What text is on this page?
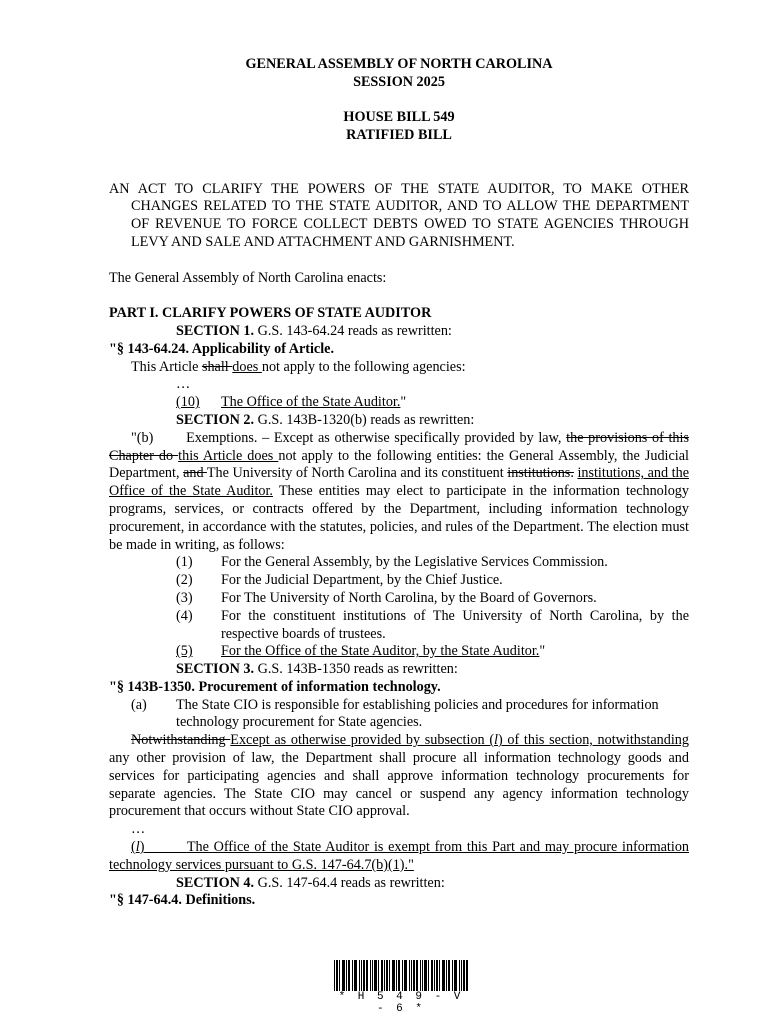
GENERAL ASSEMBLY OF NORTH CAROLINA
SESSION 2025
HOUSE BILL 549
RATIFIED BILL
AN ACT TO CLARIFY THE POWERS OF THE STATE AUDITOR, TO MAKE OTHER CHANGES RELATED TO THE STATE AUDITOR, AND TO ALLOW THE DEPARTMENT OF REVENUE TO FORCE COLLECT DEBTS OWED TO STATE AGENCIES THROUGH LEVY AND SALE AND ATTACHMENT AND GARNISHMENT.
The General Assembly of North Carolina enacts:
PART I. CLARIFY POWERS OF STATE AUDITOR
SECTION 1. G.S. 143-64.24 reads as rewritten:
"§ 143-64.24. Applicability of Article.
This Article shall does not apply to the following agencies:
…
(10)	The Office of the State Auditor."
SECTION 2. G.S. 143B-1320(b) reads as rewritten:
"(b)       Exemptions. – Except as otherwise specifically provided by law, the provisions of this Chapter do this Article does not apply to the following entities: the General Assembly, the Judicial Department, and The University of North Carolina and its constituent institutions. institutions, and the Office of the State Auditor. These entities may elect to participate in the information technology programs, services, or contracts offered by the Department, including information technology procurement, in accordance with the statutes, policies, and rules of the Department. The election must be made in writing, as follows:
(1)	For the General Assembly, by the Legislative Services Commission.
(2)	For the Judicial Department, by the Chief Justice.
(3)	For The University of North Carolina, by the Board of Governors.
(4)	For the constituent institutions of The University of North Carolina, by the respective boards of trustees.
(5)	For the Office of the State Auditor, by the State Auditor."
SECTION 3. G.S. 143B-1350 reads as rewritten:
"§ 143B-1350. Procurement of information technology.
(a)	The State CIO is responsible for establishing policies and procedures for information technology procurement for State agencies.
Notwithstanding Except as otherwise provided by subsection (l) of this section, notwithstanding any other provision of law, the Department shall procure all information technology goods and services for participating agencies and shall approve information technology procurements for separate agencies. The State CIO may cancel or suspend any agency information technology procurement that occurs without State CIO approval.
…
(l)	The Office of the State Auditor is exempt from this Part and may procure information technology services pursuant to G.S. 147-64.7(b)(1)."
SECTION 4. G.S. 147-64.4 reads as rewritten:
"§ 147-64.4. Definitions.
* H 5 4 9 - V - 6 *
